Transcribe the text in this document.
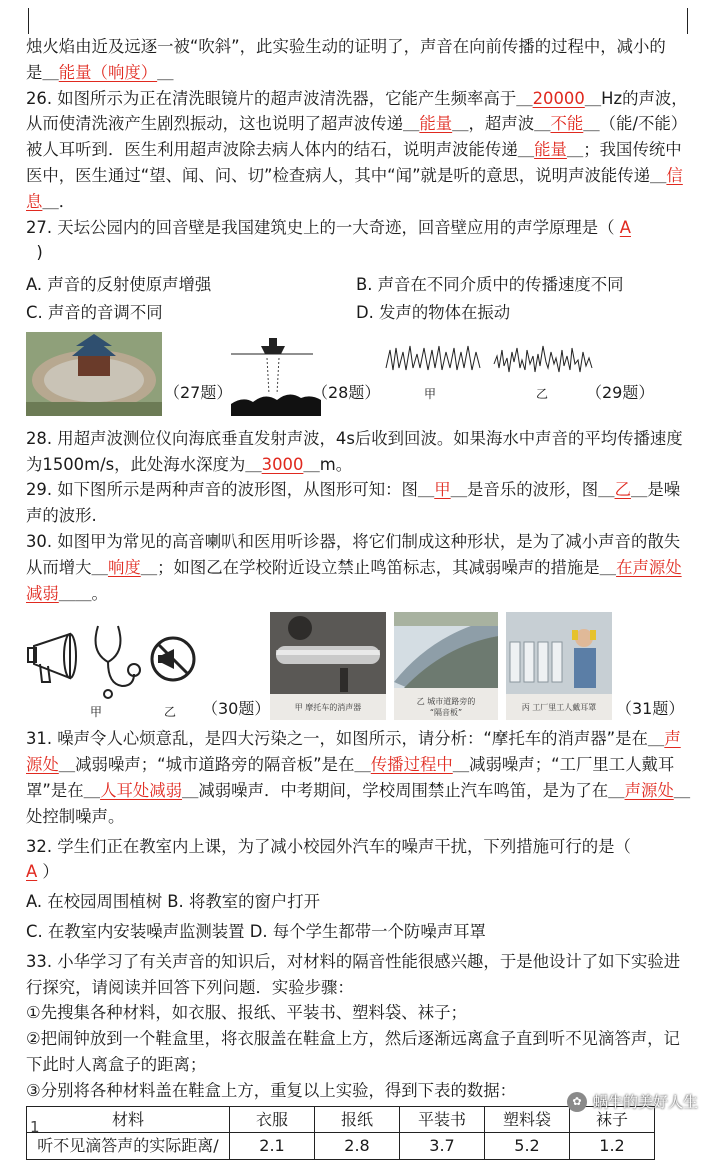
烛火焰由近及远逐一被“吹斜”，此实验生动的证明了，声音在向前传播的过程中，减小的
是＿能量（响度）＿

26. 如图所示为正在清洗眼镜片的超声波清洗器，它能产生频率高于＿20000＿Hz的声波，从而使清洗液产生剧烈振动，这也说明了超声波传递＿能量＿，超声波＿不能＿（能/不能）被人耳听到．医生利用超声波除去病人体内的结石，说明声波能传递＿能量＿；我国传统中医中，医生通过“望、闻、问、切”检查病人，其中“闻”就是听的意思，说明声波能传递＿信息＿．

27. 天坛公园内的回音壁是我国建筑史上的一大奇迹，回音壁应用的声学原理是（ A
)

A. 声音的反射使原声增强	B. 声音在不同介质中的传播速度不同
C. 声音的音调不同	D. 发声的物体在振动
（27题）	（28题）	甲	乙 （29题）

28. 用超声波测位仪向海底垂直发射声波，4s后收到回波。如果海水中声音的平均传播速度为1500m/s，此处海水深度为＿3000＿m。

29. 如下图所示是两种声音的波形图，从图形可知：图＿甲＿是音乐的波形，图＿乙＿是噪声的波形.

30. 如图甲为常见的高音喇叭和医用听诊器，将它们制成这种形状，是为了减小声音的散失从而增大＿响度＿；如图乙在学校附近设立禁止鸣笛标志，其减弱噪声的措施是＿在声源处减弱＿＿。

甲	乙 （30题）	甲 摩托车的消声器
乙 城市道路旁的
“隔音板”
丙 工厂里工人戴耳罩	（31题）

31. 噪声令人心烦意乱，是四大污染之一，如图所示，请分析：“摩托车的消声器”是在＿声源处＿减弱噪声；“城市道路旁的隔音板”是在＿传播过程中＿减弱噪声；“工厂里工人戴耳罩”是在＿人耳处减弱＿减弱噪声．中考期间，学校周围禁止汽车鸣笛，是为了在＿声源处＿处控制噪声。

32. 学生们正在教室内上课，为了减小校园外汽车的噪声干扰，下列措施可行的是（
A ）

A. 在校园周围植树 B. 将教室的窗户打开

C. 在教室内安装噪声监测装置 D. 每个学生都带一个防噪声耳罩

33. 小华学习了有关声音的知识后，对材料的隔音性能很感兴趣，于是他设计了如下实验进行探究，请阅读并回答下列问题．实验步骤：

①先搜集各种材料，如衣服、报纸、平装书、塑料袋、袜子；

②把闹钟放到一个鞋盒里，将衣服盖在鞋盒上方，然后逐渐远离盒子直到听不见滴答声，记下此时人离盒子的距离；

③分别将各种材料盖在鞋盒上方，重复以上实验，得到下表的数据：

材料	衣服	报纸	平装书	塑料袋	袜子
听不见滴答声的实际距离/	2.1	2.8	3.7	5.2	1.2
1
✿ 蜗牛的美好人生
